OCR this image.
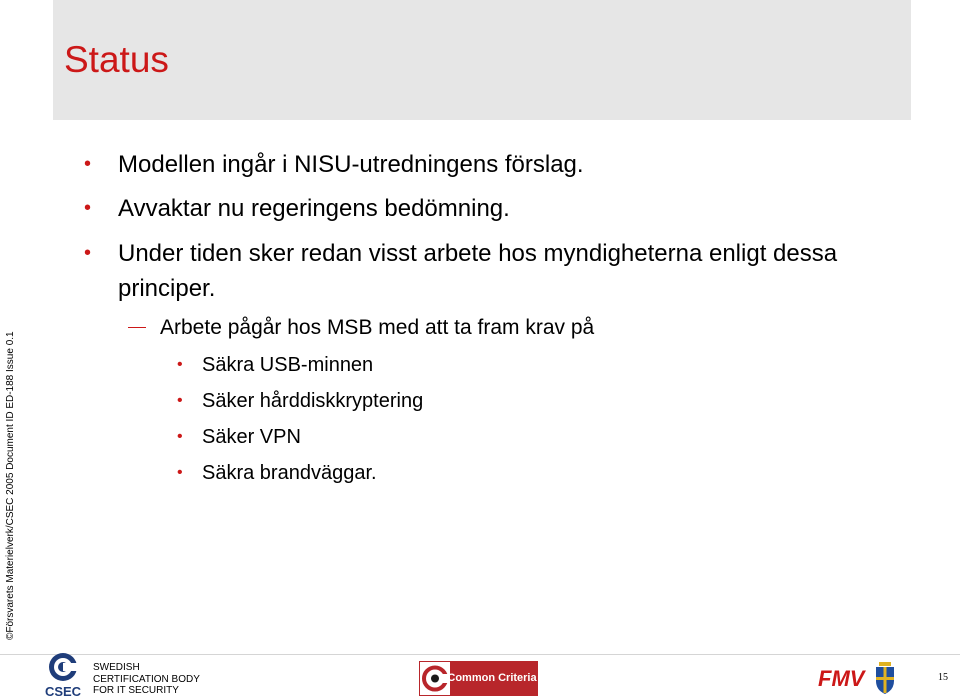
Status
©Försvarets Materielverk/CSEC 2005 Document ID ED-188 Issue 0.1
• Modellen ingår i NISU-utredningens förslag.
• Avvaktar nu regeringens bedömning.
• Under tiden sker redan visst arbete hos myndigheterna enligt dessa principer.
Arbete pågår hos MSB med att ta fram krav på
• Säkra USB-minnen
• Säker hårddiskkryptering
• Säker VPN
• Säkra brandväggar.
CSEC
SWEDISH
CERTIFICATION BODY
FOR IT SECURITY
Common Criteria	FMV	15
